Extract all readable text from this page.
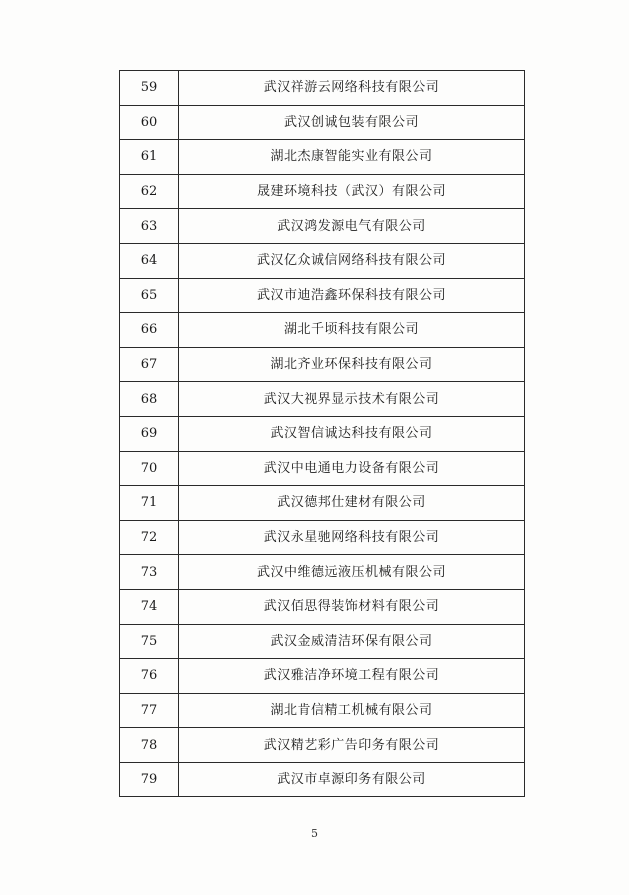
59	武汉祥游云网络科技有限公司
60	武汉创诚包装有限公司
61	湖北杰康智能实业有限公司
62	晟建环境科技（武汉）有限公司
63	武汉鸿发源电气有限公司
64	武汉亿众诚信网络科技有限公司
65	武汉市迪浩鑫环保科技有限公司
66	湖北千顷科技有限公司
67	湖北齐业环保科技有限公司
68	武汉大视界显示技术有限公司
69	武汉智信诚达科技有限公司
70	武汉中电通电力设备有限公司
71	武汉德邦仕建材有限公司
72	武汉永星驰网络科技有限公司
73	武汉中维德远液压机械有限公司
74	武汉佰思得装饰材料有限公司
75	武汉金威清洁环保有限公司
76	武汉雅洁净环境工程有限公司
77	湖北肯信精工机械有限公司
78	武汉精艺彩广告印务有限公司
79	武汉市卓源印务有限公司
5
